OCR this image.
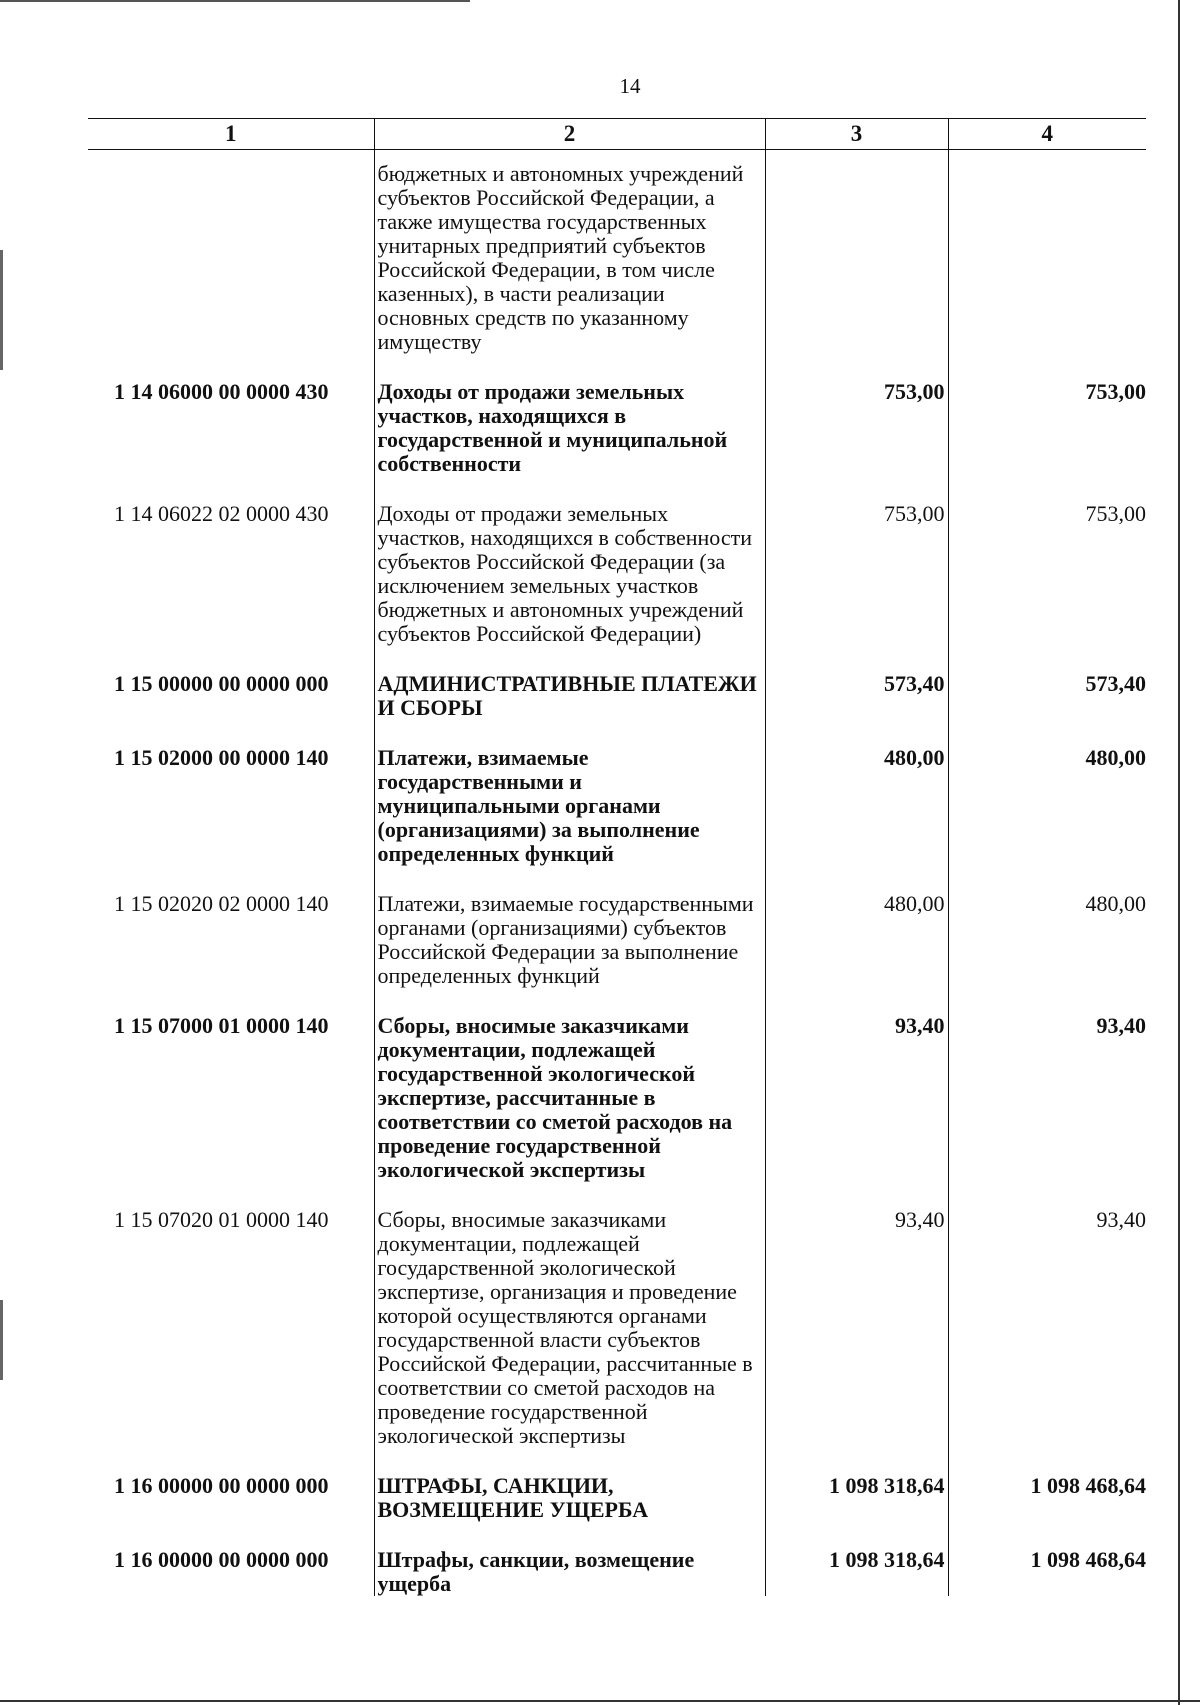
14
1	2	3	4
	бюджетных и автономных учреждений субъектов Российской Федерации, а также имущества государственных унитарных предприятий субъектов Российской Федерации, в том числе казенных), в части реализации основных средств по указанному имуществу		
1 14 06000 00 0000 430	Доходы от продажи земельных участков, находящихся в государственной и муниципальной собственности	753,00	753,00
1 14 06022 02 0000 430	Доходы от продажи земельных участков, находящихся в собственности субъектов Российской Федерации (за исключением земельных участков бюджетных и автономных учреждений субъектов Российской Федерации)	753,00	753,00
1 15 00000 00 0000 000	АДМИНИСТРАТИВНЫЕ ПЛАТЕЖИ И СБОРЫ	573,40	573,40
1 15 02000 00 0000 140	Платежи, взимаемые государственными и муниципальными органами (организациями) за выполнение определенных функций	480,00	480,00
1 15 02020 02 0000 140	Платежи, взимаемые государственными органами (организациями) субъектов Российской Федерации за выполнение определенных функций	480,00	480,00
1 15 07000 01 0000 140	Сборы, вносимые заказчиками документации, подлежащей государственной экологической экспертизе, рассчитанные в соответствии со сметой расходов на проведение государственной экологической экспертизы	93,40	93,40
1 15 07020 01 0000 140	Сборы, вносимые заказчиками документации, подлежащей государственной экологической экспертизе, организация и проведение которой осуществляются органами государственной власти субъектов Российской Федерации, рассчитанные в соответствии со сметой расходов на проведение государственной экологической экспертизы	93,40	93,40
1 16 00000 00 0000 000	ШТРАФЫ, САНКЦИИ, ВОЗМЕЩЕНИЕ УЩЕРБА	1 098 318,64	1 098 468,64
1 16 00000 00 0000 000	Штрафы, санкции, возмещение ущерба	1 098 318,64	1 098 468,64
